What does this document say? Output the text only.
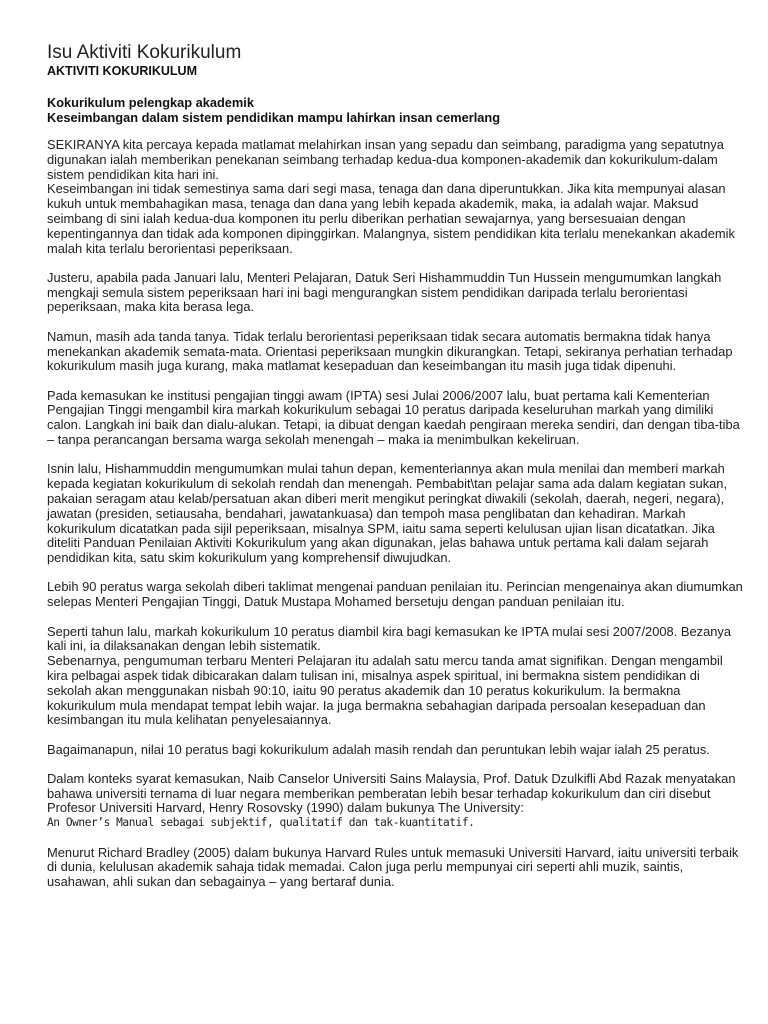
Isu Aktiviti Kokurikulum
AKTIVITI KOKURIKULUM
Kokurikulum pelengkap akademik
Keseimbangan dalam sistem pendidikan mampu lahirkan insan cemerlang

SEKIRANYA kita percaya kepada matlamat melahirkan insan yang sepadu dan seimbang, paradigma yang sepatutnya digunakan ialah memberikan penekanan seimbang terhadap kedua-dua komponen-akademik dan kokurikulum-dalam sistem pendidikan kita hari ini.

Keseimbangan ini tidak semestinya sama dari segi masa, tenaga dan dana diperuntukkan. Jika kita mempunyai alasan kukuh untuk membahagikan masa, tenaga dan dana yang lebih kepada akademik, maka, ia adalah wajar. Maksud seimbang di sini ialah kedua-dua komponen itu perlu diberikan perhatian sewajarnya, yang bersesuaian dengan kepentingannya dan tidak ada komponen dipinggirkan. Malangnya, sistem pendidikan kita terlalu menekankan akademik malah kita terlalu berorientasi peperiksaan.

Justeru, apabila pada Januari lalu, Menteri Pelajaran, Datuk Seri Hishammuddin Tun Hussein mengumumkan langkah mengkaji semula sistem peperiksaan hari ini bagi mengurangkan sistem pendidikan daripada terlalu berorientasi peperiksaan, maka kita berasa lega.

Namun, masih ada tanda tanya. Tidak terlalu berorientasi peperiksaan tidak secara automatis bermakna tidak hanya menekankan akademik semata-mata. Orientasi peperiksaan mungkin dikurangkan. Tetapi, sekiranya perhatian terhadap kokurikulum masih juga kurang, maka matlamat kesepaduan dan keseimbangan itu masih juga tidak dipenuhi.

Pada kemasukan ke institusi pengajian tinggi awam (IPTA) sesi Julai 2006/2007 lalu, buat pertama kali Kementerian Pengajian Tinggi mengambil kira markah kokurikulum sebagai 10 peratus daripada keseluruhan markah yang dimiliki calon. Langkah ini baik dan dialu-alukan. Tetapi, ia dibuat dengan kaedah pengiraan mereka sendiri, dan dengan tiba-tiba – tanpa perancangan bersama warga sekolah menengah – maka ia menimbulkan kekeliruan.

Isnin lalu, Hishammuddin mengumumkan mulai tahun depan, kementeriannya akan mula menilai dan memberi markah kepada kegiatan kokurikulum di sekolah rendah dan menengah. Pembabit\tan pelajar sama ada dalam kegiatan sukan, pakaian seragam atau kelab/persatuan akan diberi merit mengikut peringkat diwakili (sekolah, daerah, negeri, negara), jawatan (presiden, setiausaha, bendahari, jawatankuasa) dan tempoh masa penglibatan dan kehadiran. Markah kokurikulum dicatatkan pada sijil peperiksaan, misalnya SPM, iaitu sama seperti kelulusan ujian lisan dicatatkan. Jika diteliti Panduan Penilaian Aktiviti Kokurikulum yang akan digunakan, jelas bahawa untuk pertama kali dalam sejarah pendidikan kita, satu skim kokurikulum yang komprehensif diwujudkan.

Lebih 90 peratus warga sekolah diberi taklimat mengenai panduan penilaian itu. Perincian mengenainya akan diumumkan selepas Menteri Pengajian Tinggi, Datuk Mustapa Mohamed bersetuju dengan panduan penilaian itu.

Seperti tahun lalu, markah kokurikulum 10 peratus diambil kira bagi kemasukan ke IPTA mulai sesi 2007/2008. Bezanya kali ini, ia dilaksanakan dengan lebih sistematik.

Sebenarnya, pengumuman terbaru Menteri Pelajaran itu adalah satu mercu tanda amat signifikan. Dengan mengambil kira pelbagai aspek tidak dibicarakan dalam tulisan ini, misalnya aspek spiritual, ini bermakna sistem pendidikan di sekolah akan menggunakan nisbah 90:10, iaitu 90 peratus akademik dan 10 peratus kokurikulum. Ia bermakna kokurikulum mula mendapat tempat lebih wajar. Ia juga bermakna sebahagian daripada persoalan kesepaduan dan kesimbangan itu mula kelihatan penyelesaiannya.

Bagaimanapun, nilai 10 peratus bagi kokurikulum adalah masih rendah dan peruntukan lebih wajar ialah 25 peratus.

Dalam konteks syarat kemasukan, Naib Canselor Universiti Sains Malaysia, Prof. Datuk Dzulkifli Abd Razak menyatakan bahawa universiti ternama di luar negara memberikan pemberatan lebih besar terhadap kokurikulum dan ciri disebut Profesor Universiti Harvard, Henry Rosovsky (1990) dalam bukunya The University:

An Owner’s Manual sebagai subjektif, qualitatif dan tak-kuantitatif.

Menurut Richard Bradley (2005) dalam bukunya Harvard Rules untuk memasuki Universiti Harvard, iaitu universiti terbaik di dunia, kelulusan akademik sahaja tidak memadai. Calon juga perlu mempunyai ciri seperti ahli muzik, saintis, usahawan, ahli sukan dan sebagainya – yang bertaraf dunia.
